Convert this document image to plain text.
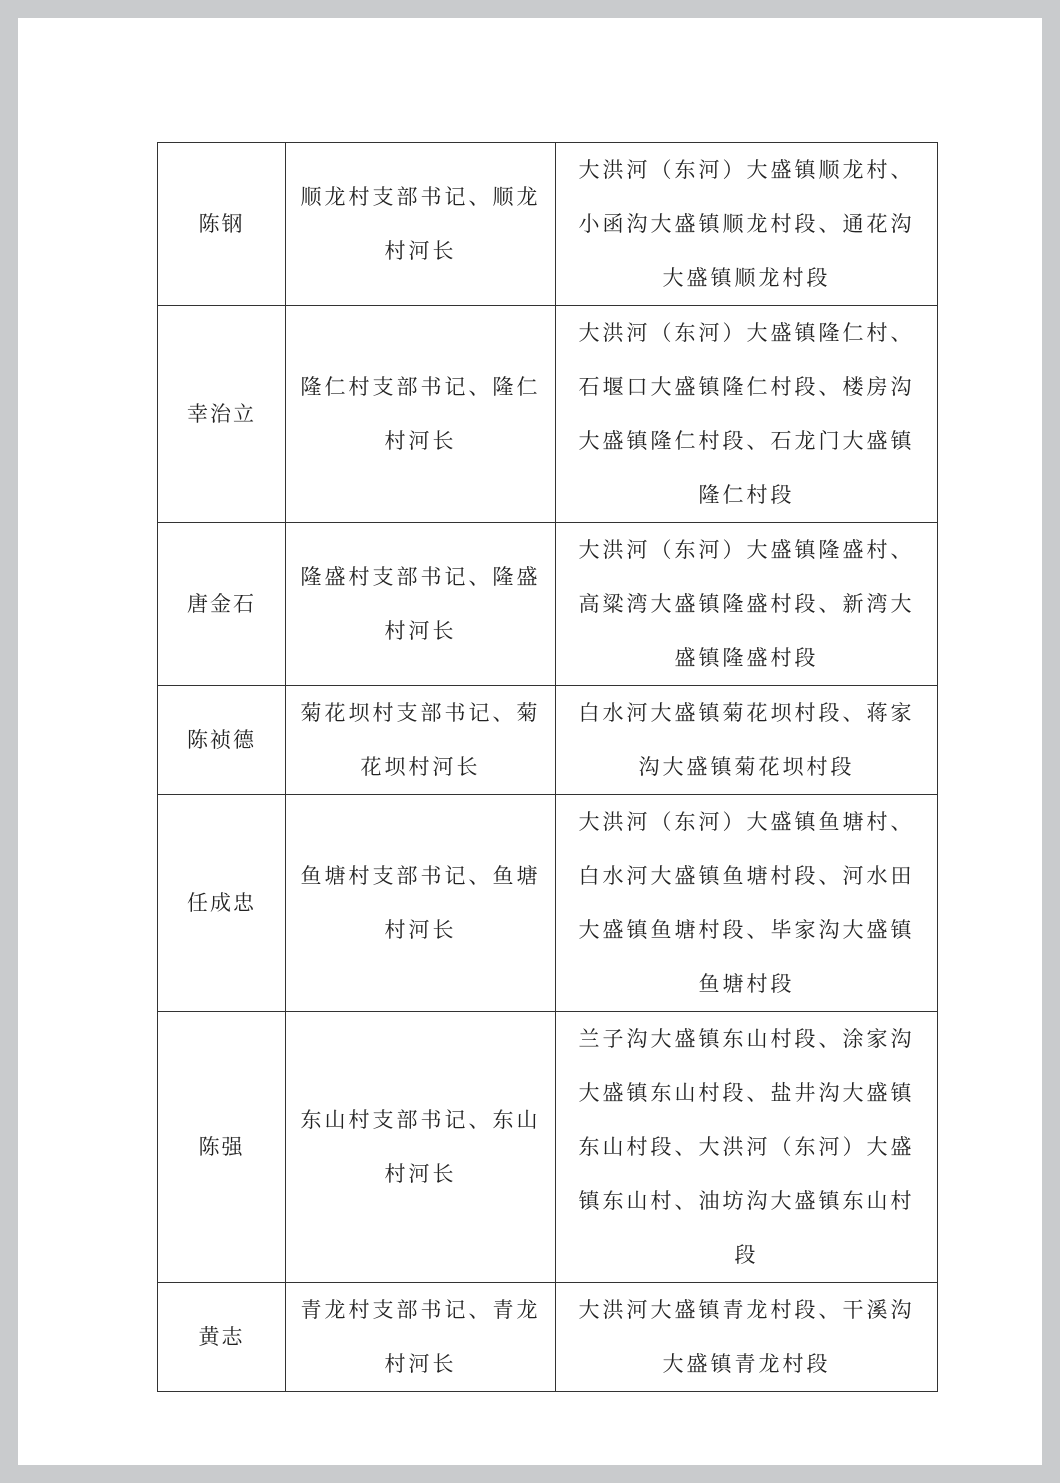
陈钢	顺龙村支部书记、顺龙村河长	大洪河（东河）大盛镇顺龙村、小函沟大盛镇顺龙村段、通花沟大盛镇顺龙村段
幸治立	隆仁村支部书记、隆仁村河长	大洪河（东河）大盛镇隆仁村、石堰口大盛镇隆仁村段、楼房沟大盛镇隆仁村段、石龙门大盛镇隆仁村段
唐金石	隆盛村支部书记、隆盛村河长	大洪河（东河）大盛镇隆盛村、高粱湾大盛镇隆盛村段、新湾大盛镇隆盛村段
陈祯德	菊花坝村支部书记、菊花坝村河长	白水河大盛镇菊花坝村段、蒋家沟大盛镇菊花坝村段
任成忠	鱼塘村支部书记、鱼塘村河长	大洪河（东河）大盛镇鱼塘村、白水河大盛镇鱼塘村段、河水田大盛镇鱼塘村段、毕家沟大盛镇鱼塘村段
陈强	东山村支部书记、东山村河长	兰子沟大盛镇东山村段、涂家沟大盛镇东山村段、盐井沟大盛镇东山村段、大洪河（东河）大盛镇东山村、油坊沟大盛镇东山村段
黄志	青龙村支部书记、青龙村河长	大洪河大盛镇青龙村段、干溪沟大盛镇青龙村段
